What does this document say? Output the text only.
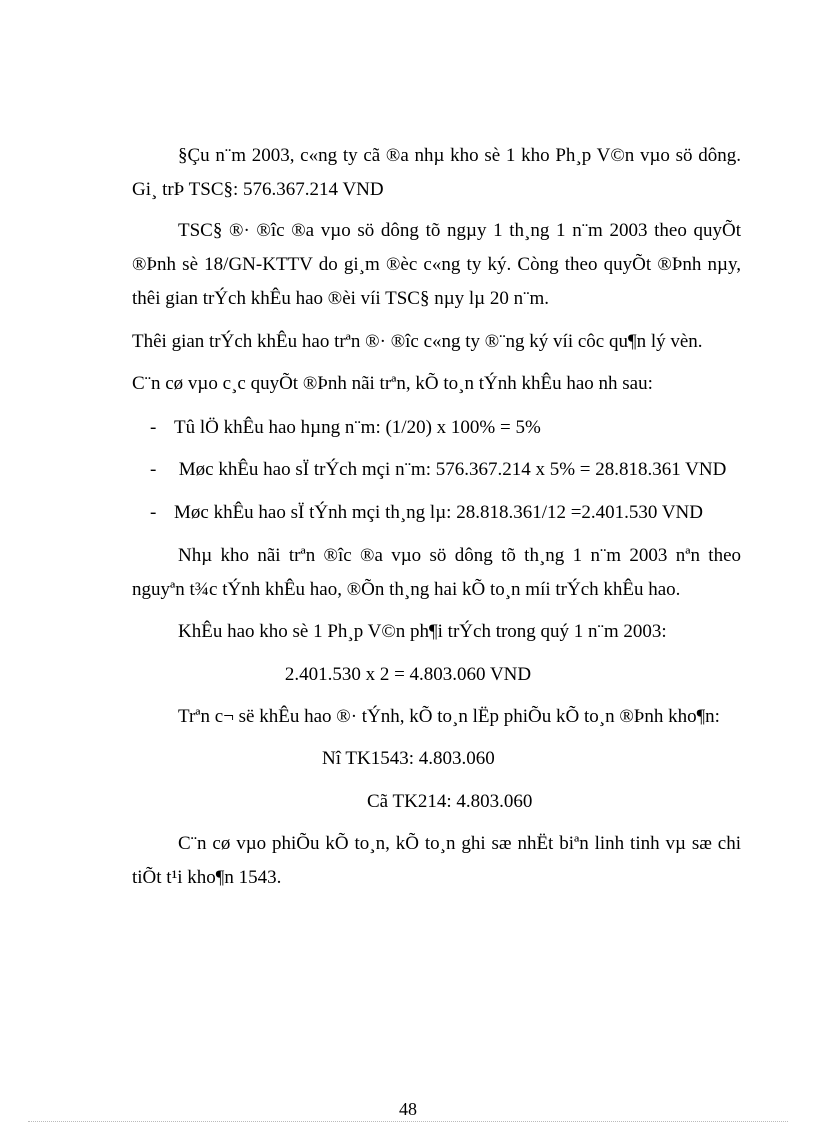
§Çu n¨m 2003, c«ng ty cã ®a nhµ kho sè 1 kho Ph¸p V©n vµo sö dông. Gi¸ trÞ TSC§: 576.367.214 VND

TSC§ ®· ®îc ®a vµo sö dông tõ ngµy 1 th¸ng 1 n¨m 2003 theo quyÕt ®Þnh sè 18/GN-KTTV do gi¸m ®èc c«ng ty ký. Còng theo quyÕt ®Þnh nµy, thêi gian trÝch khÊu hao ®èi víi TSC§ nµy lµ 20 n¨m.

Thêi gian trÝch khÊu hao trªn ®· ®îc c«ng ty ®¨ng ký víi côc qu¶n lý vèn.

C¨n cø vµo c¸c quyÕt ®Þnh nãi trªn, kÕ to¸n tÝnh khÊu hao nh sau:

- Tû lÖ khÊu hao hµng n¨m: (1/20) x 100% = 5%

- Møc khÊu hao sÏ trÝch mçi n¨m: 576.367.214 x 5% = 28.818.361 VND

- Møc khÊu hao sÏ tÝnh mçi th¸ng lµ: 28.818.361/12 =2.401.530 VND

Nhµ kho nãi trªn ®îc ®a vµo sö dông tõ th¸ng 1 n¨m 2003 nªn theo nguyªn t¾c tÝnh khÊu hao, ®Õn th¸ng hai kÕ to¸n míi trÝch khÊu hao.

KhÊu hao kho sè 1 Ph¸p V©n ph¶i trÝch trong quý 1 n¨m 2003:

2.401.530 x 2 = 4.803.060 VND

Trªn c¬ së khÊu hao ®· tÝnh, kÕ to¸n lËp phiÕu kÕ to¸n ®Þnh kho¶n:

Nî TK1543: 4.803.060

Cã TK214: 4.803.060

C¨n cø vµo phiÕu kÕ to¸n, kÕ to¸n ghi sæ nhËt biªn linh tinh vµ sæ chi tiÕt t¹i kho¶n 1543.

48
